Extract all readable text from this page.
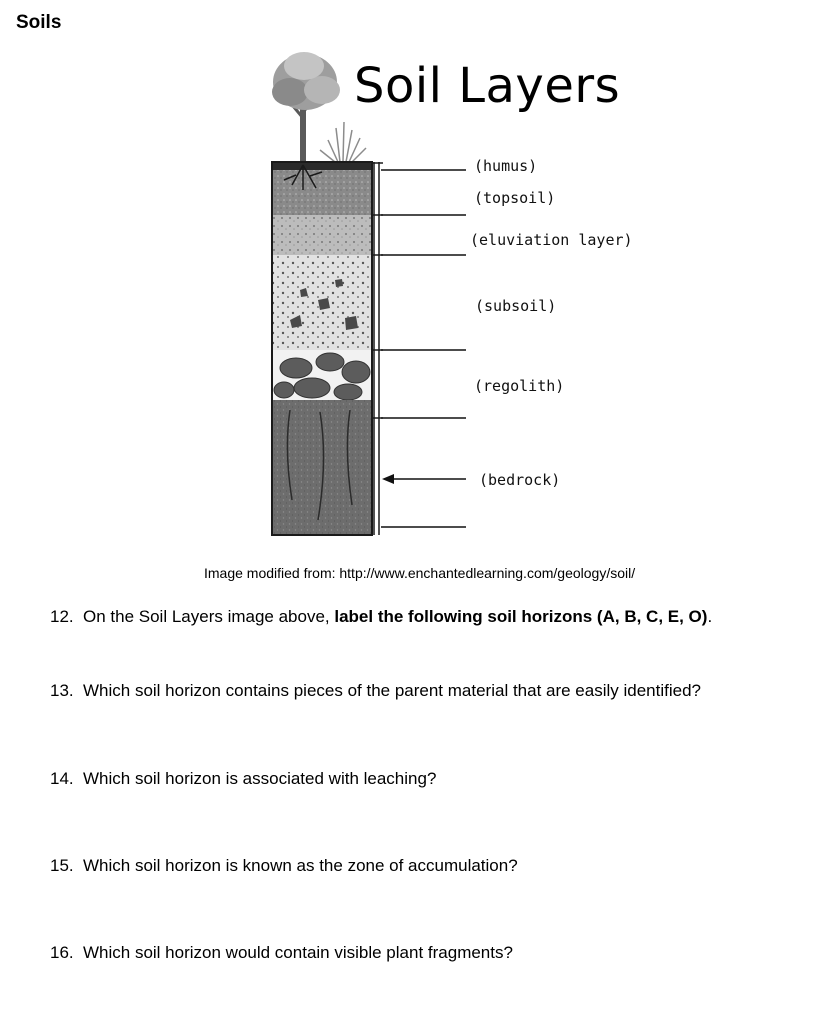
Soils
Soil Layers
(humus)
(topsoil)
(eluviation layer)
(subsoil)
(regolith)
(bedrock)
Image modified from: http://www.enchantedlearning.com/geology/soil/
12. On the Soil Layers image above, label the following soil horizons (A, B, C, E, O).
13. Which soil horizon contains pieces of the parent material that are easily identified?
14. Which soil horizon is associated with leaching?
15. Which soil horizon is known as the zone of accumulation?
16. Which soil horizon would contain visible plant fragments?
